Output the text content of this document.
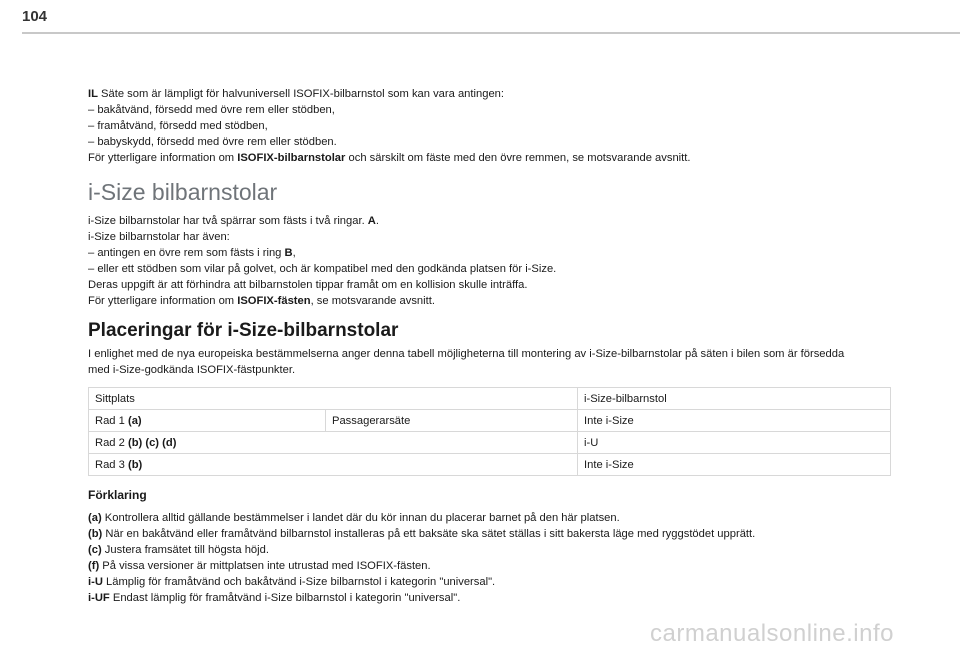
104

IL Säte som är lämpligt för halvuniversell ISOFIX-bilbarnstol som kan vara antingen:

– bakåtvänd, försedd med övre rem eller stödben,

– framåtvänd, försedd med stödben,

– babyskydd, försedd med övre rem eller stödben.

För ytterligare information om ISOFIX-bilbarnstolar och särskilt om fäste med den övre remmen, se motsvarande avsnitt.

i-Size bilbarnstolar

i-Size bilbarnstolar har två spärrar som fästs i två ringar. A.

i-Size bilbarnstolar har även:

– antingen en övre rem som fästs i ring B,

– eller ett stödben som vilar på golvet, och är kompatibel med den godkända platsen för i-Size.

Deras uppgift är att förhindra att bilbarnstolen tippar framåt om en kollision skulle inträffa.

För ytterligare information om ISOFIX-fästen, se motsvarande avsnitt.

Placeringar för i-Size-bilbarnstolar

I enlighet med de nya europeiska bestämmelserna anger denna tabell möjligheterna till montering av i-Size-bilbarnstolar på säten i bilen som är försedda

med i-Size-godkända ISOFIX-fästpunkter.

Sittplats		i-Size-bilbarnstol
Rad 1 (a)	Passagerarsäte	Inte i-Size
Rad 2 (b) (c) (d)		i-U
Rad 3 (b)		Inte i-Size
Förklaring

(a) Kontrollera alltid gällande bestämmelser i landet där du kör innan du placerar barnet på den här platsen.

(b) När en bakåtvänd eller framåtvänd bilbarnstol installeras på ett baksäte ska sätet ställas i sitt bakersta läge med ryggstödet upprätt.

(c) Justera framsätet till högsta höjd.

(f) På vissa versioner är mittplatsen inte utrustad med ISOFIX-fästen.

i-U Lämplig för framåtvänd och bakåtvänd i-Size bilbarnstol i kategorin "universal".

i-UF Endast lämplig för framåtvänd i-Size bilbarnstol i kategorin "universal".

carmanualsonline.info
